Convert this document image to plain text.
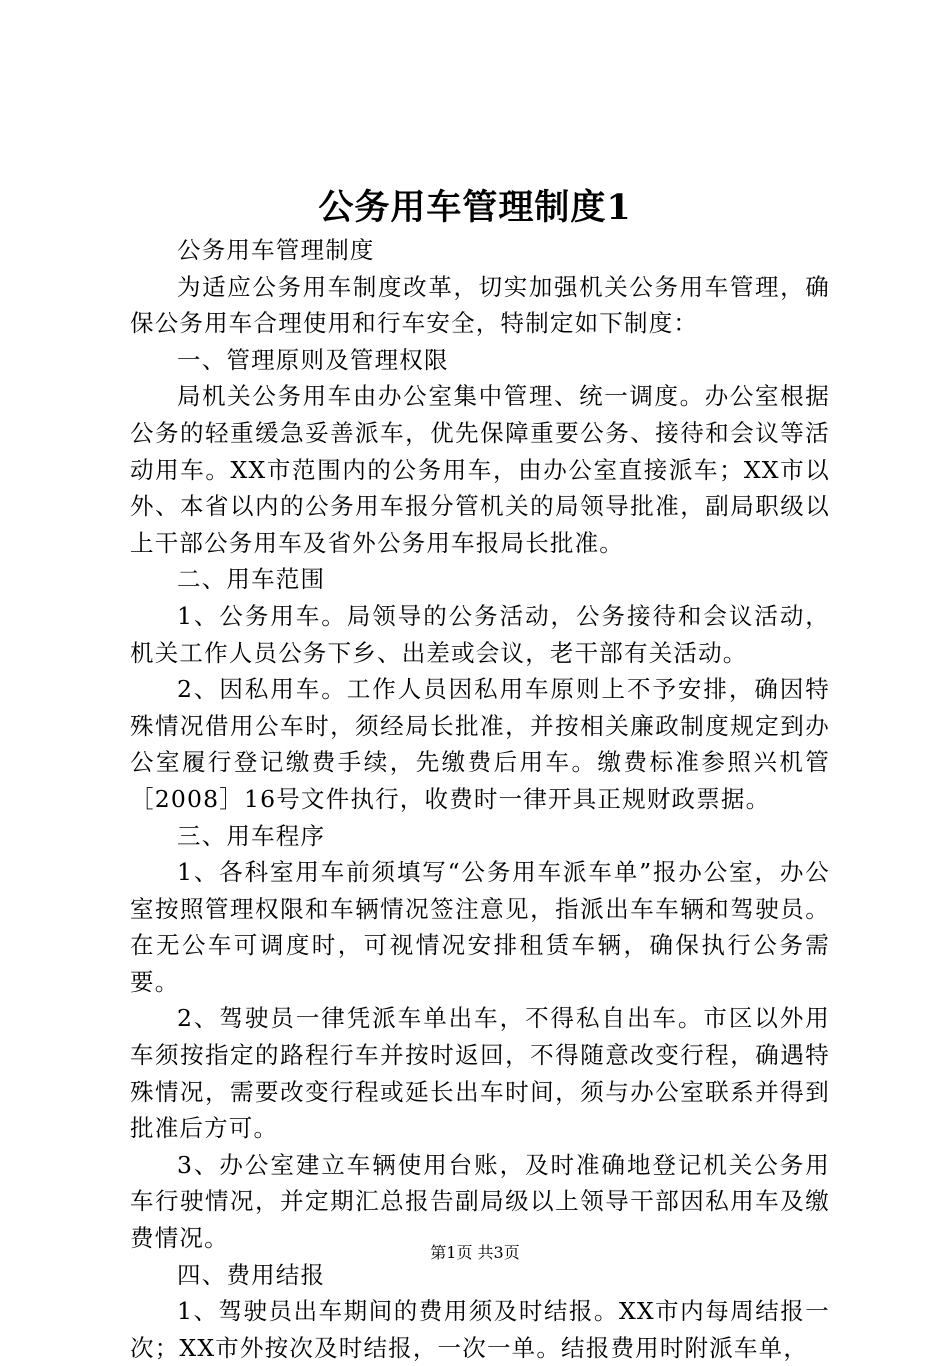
公务用车管理制度1

公务用车管理制度

为适应公务用车制度改革，切实加强机关公务用车管理，确保公务用车合理使用和行车安全，特制定如下制度：

一、管理原则及管理权限

局机关公务用车由办公室集中管理、统一调度。办公室根据公务的轻重缓急妥善派车，优先保障重要公务、接待和会议等活动用车。XX市范围内的公务用车，由办公室直接派车；XX市以外、本省以内的公务用车报分管机关的局领导批准，副局职级以上干部公务用车及省外公务用车报局长批准。

二、用车范围

1、公务用车。局领导的公务活动，公务接待和会议活动，机关工作人员公务下乡、出差或会议，老干部有关活动。

2、因私用车。工作人员因私用车原则上不予安排，确因特殊情况借用公车时，须经局长批准，并按相关廉政制度规定到办公室履行登记缴费手续，先缴费后用车。缴费标准参照兴机管［2008］16号文件执行，收费时一律开具正规财政票据。

三、用车程序

1、各科室用车前须填写“公务用车派车单”报办公室，办公室按照管理权限和车辆情况签注意见，指派出车车辆和驾驶员。在无公车可调度时，可视情况安排租赁车辆，确保执行公务需要。

2、驾驶员一律凭派车单出车，不得私自出车。市区以外用车须按指定的路程行车并按时返回，不得随意改变行程，确遇特殊情况，需要改变行程或延长出车时间，须与办公室联系并得到批准后方可。

3、办公室建立车辆使用台账，及时准确地登记机关公务用车行驶情况，并定期汇总报告副局级以上领导干部因私用车及缴费情况。

四、费用结报

1、驾驶员出车期间的费用须及时结报。XX市内每周结报一次；XX市外按次及时结报，一次一单。结报费用时附派车单，

第1页 共3页
